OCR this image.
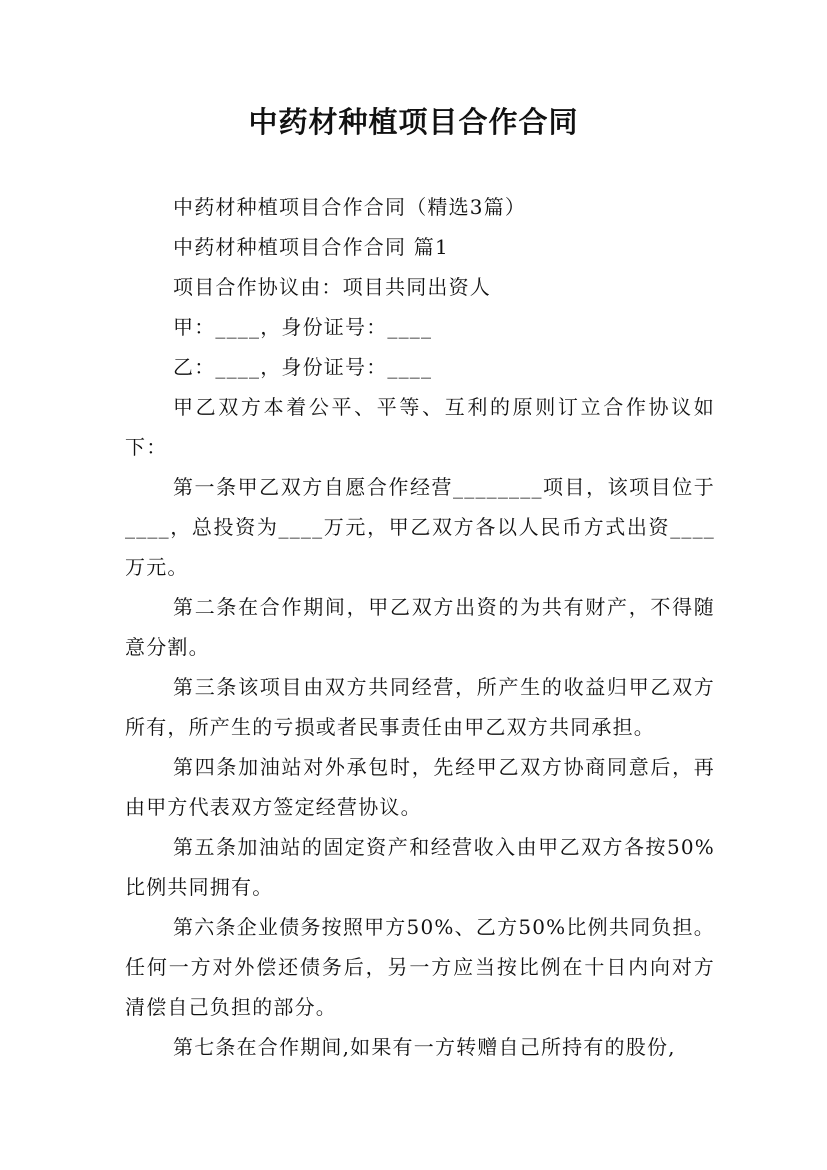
中药材种植项目合作合同

中药材种植项目合作合同（精选3篇）

中药材种植项目合作合同 篇1

项目合作协议由：项目共同出资人

甲：____，身份证号：____

乙：____，身份证号：____

甲乙双方本着公平、平等、互利的原则订立合作协议如下：

第一条甲乙双方自愿合作经营________项目，该项目位于____，总投资为____万元，甲乙双方各以人民币方式出资____万元。

第二条在合作期间，甲乙双方出资的为共有财产，不得随意分割。

第三条该项目由双方共同经营，所产生的收益归甲乙双方所有，所产生的亏损或者民事责任由甲乙双方共同承担。

第四条加油站对外承包时，先经甲乙双方协商同意后，再由甲方代表双方签定经营协议。

第五条加油站的固定资产和经营收入由甲乙双方各按50%比例共同拥有。

第六条企业债务按照甲方50%、乙方50%比例共同负担。任何一方对外偿还债务后，另一方应当按比例在十日内向对方清偿自己负担的部分。

第七条在合作期间,如果有一方转赠自己所持有的股份,
